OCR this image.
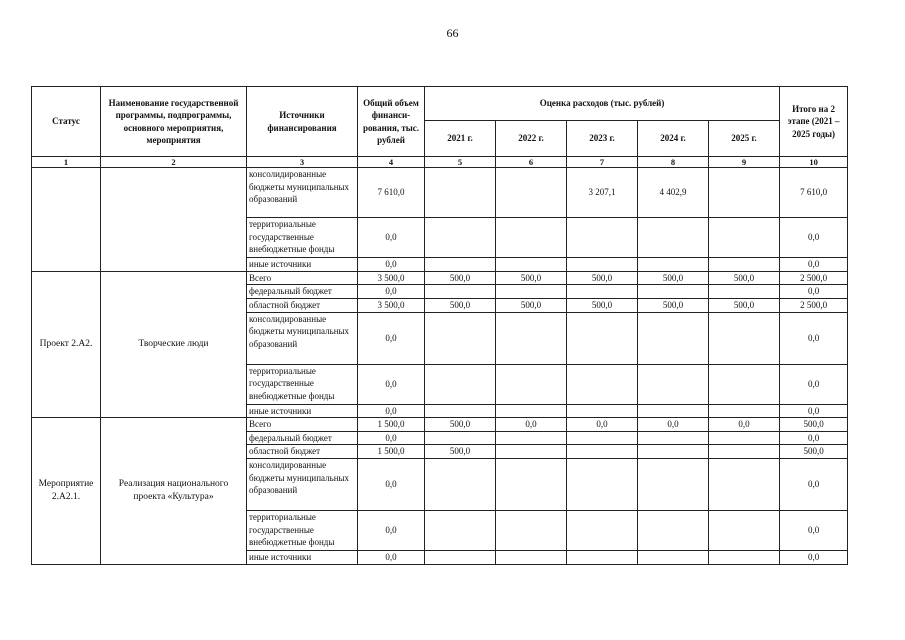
66
Статус	Наименование государственной программы, подпрограммы, основного мероприятия, мероприятия	Источники финансирования	Общий объем финанси-рования, тыс. рублей	Оценка расходов (тыс. рублей)					Итого на 2 этапе (2021 – 2025 годы)
				2021 г.	2022 г.	2023 г.	2024 г.	2025 г.	
1	2	3	4	5	6	7	8	9	10
		консолидированные бюджеты муниципальных образований	7 610,0			3 207,1	4 402,9		7 610,0
		территориальные государственные внебюджетные фонды	0,0						0,0
		иные источники	0,0						0,0
Проект 2.А2.	Творческие люди	Всего	3 500,0	500,0	500,0	500,0	500,0	500,0	2 500,0
		федеральный бюджет	0,0						0,0
		областной бюджет	3 500,0	500,0	500,0	500,0	500,0	500,0	2 500,0
		консолидированные бюджеты муниципальных образований	0,0						0,0
		территориальные государственные внебюджетные фонды	0,0						0,0
		иные источники	0,0						0,0
Мероприятие 2.А2.1.	Реализация национального проекта «Культура»	Всего	1 500,0	500,0	0,0	0,0	0,0	0,0	500,0
		федеральный бюджет	0,0						0,0
		областной бюджет	1 500,0	500,0					500,0
		консолидированные бюджеты муниципальных образований	0,0						0,0
		территориальные государственные внебюджетные фонды	0,0						0,0
		иные источники	0,0						0,0
